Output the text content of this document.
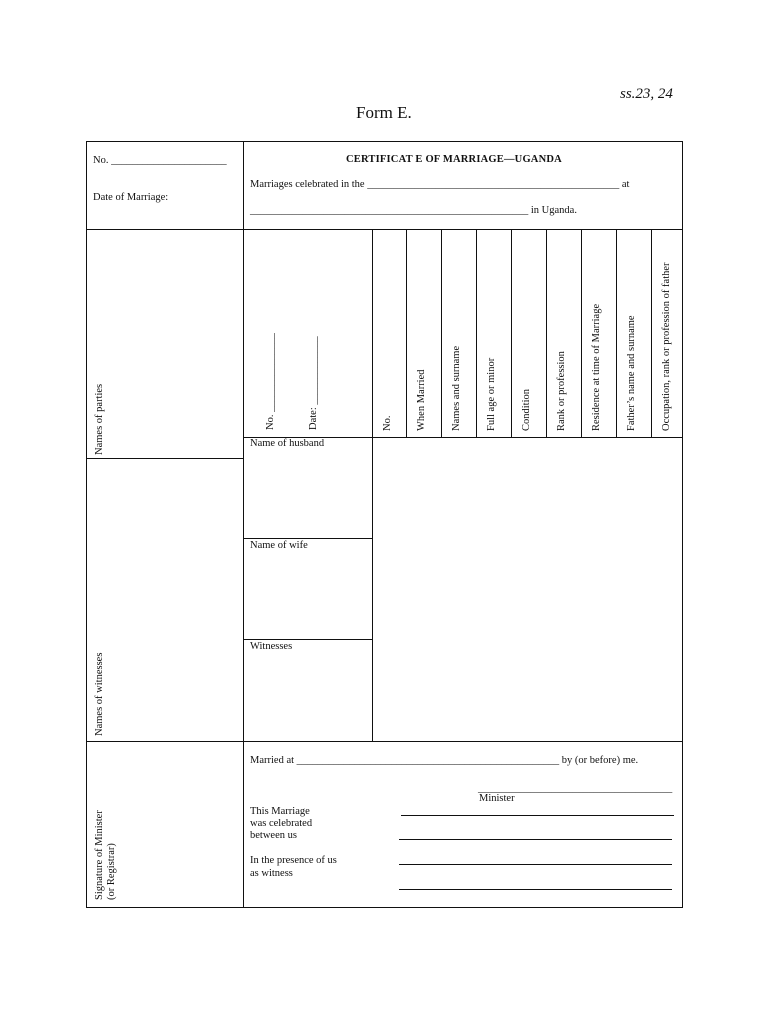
ss.23, 24
Form E.
No. ______________________
Date of Marriage:
CERTIFICAT E OF MARRIAGE—UGANDA
Marriages celebrated in the ________________________________________________ at
_____________________________________________________ in Uganda.
Names of parties
Names of witnesses
Signature of Minister (or Registrar)
No. _______________	Date: _____________	No. When Married Names and surname Full age or minor Condition Rank or profession Residence at time of Marriage Father’s name and surname Occupation, rank or profession of father
Name of husband
Name of wife
Witnesses
Married at __________________________________________________ by (or before) me.
_____________________________________
Minister
This Marriage
was celebrated
between us
In the presence of us
as witness
